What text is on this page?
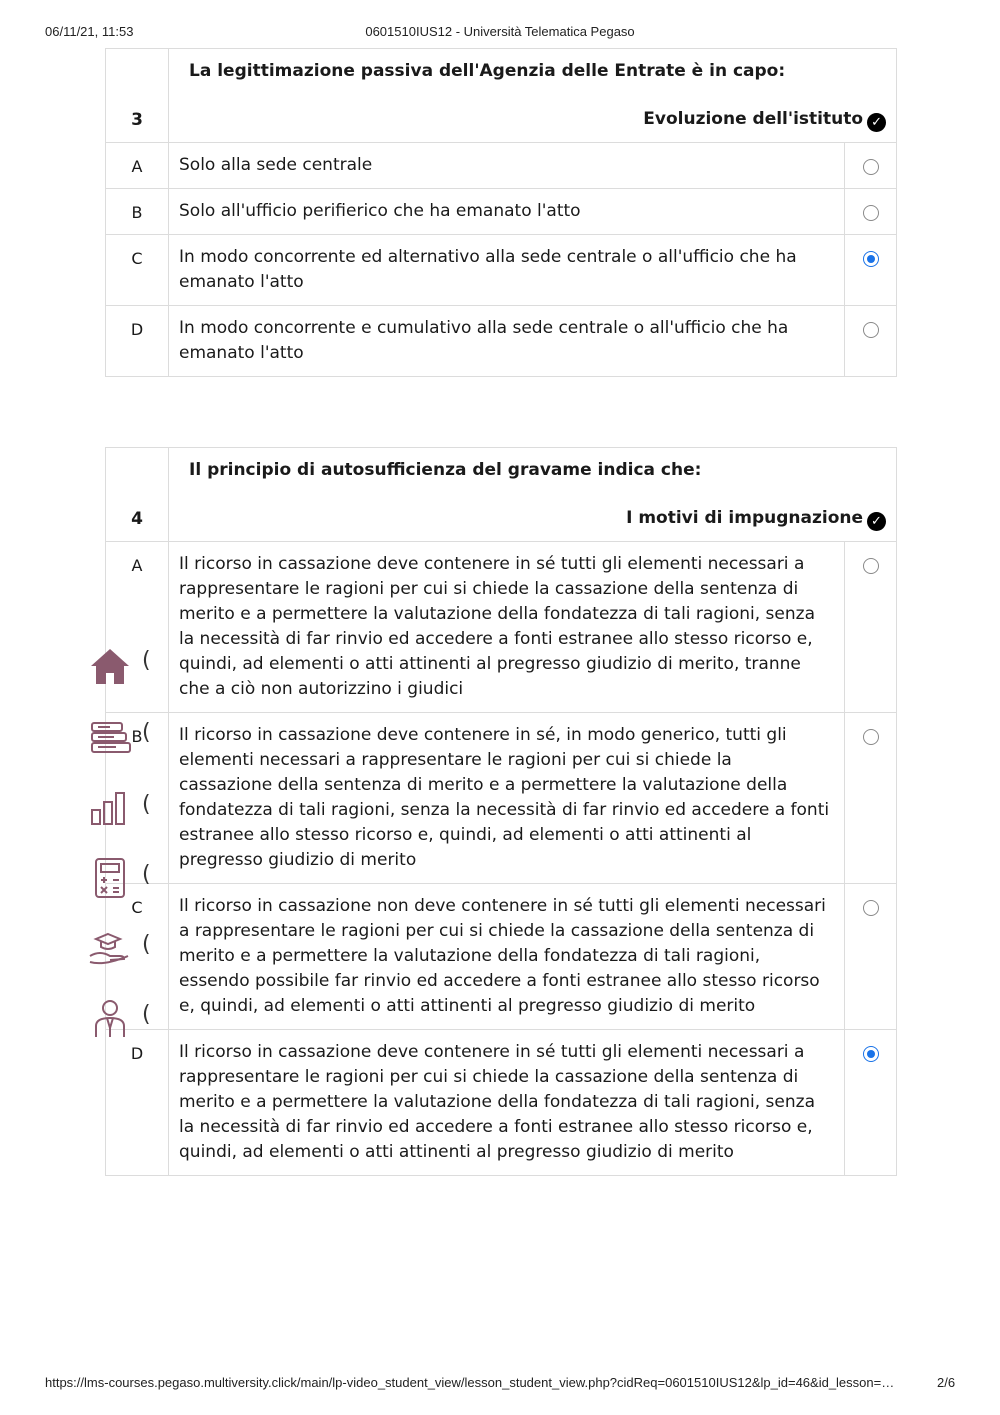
06/11/21, 11:53	0601510IUS12 - Università Telematica Pegaso
3	La legittimazione passiva dell'Agenzia delle Entrate è in capo:
Evoluzione dell'istituto ✓	

A	Solo alla sede centrale	
B	Solo all'ufficio perifierico che ha emanato l'atto	
C	In modo concorrente ed alternativo alla sede centrale o all'ufficio che ha emanato l'atto	
D	In modo concorrente e cumulativo alla sede centrale o all'ufficio che ha emanato l'atto	
4	Il principio di autosufficienza del gravame indica che:
I motivi di impugnazione ✓	

A	Il ricorso in cassazione deve contenere in sé tutti gli elementi necessari a rappresentare le ragioni per cui si chiede la cassazione della sentenza di merito e a permettere la valutazione della fondatezza di tali ragioni, senza la necessità di far rinvio ed accedere a fonti estranee allo stesso ricorso e, quindi, ad elementi o atti attinenti al pregresso giudizio di merito, tranne che a ciò non autorizzino i giudici	
B	Il ricorso in cassazione deve contenere in sé, in modo generico, tutti gli elementi necessari a rappresentare le ragioni per cui si chiede la cassazione della sentenza di merito e a permettere la valutazione della fondatezza di tali ragioni, senza la necessità di far rinvio ed accedere a fonti estranee allo stesso ricorso e, quindi, ad elementi o atti attinenti al pregresso giudizio di merito	
C	Il ricorso in cassazione non deve contenere in sé tutti gli elementi necessari a rappresentare le ragioni per cui si chiede la cassazione della sentenza di merito e a permettere la valutazione della fondatezza di tali ragioni, essendo possibile far rinvio ed accedere a fonti estranee allo stesso ricorso e, quindi, ad elementi o atti attinenti al pregresso giudizio di merito	
D	Il ricorso in cassazione deve contenere in sé tutti gli elementi necessari a rappresentare le ragioni per cui si chiede la cassazione della sentenza di merito e a permettere la valutazione della fondatezza di tali ragioni, senza la necessità di far rinvio ed accedere a fonti estranee allo stesso ricorso e, quindi, ad elementi o atti attinenti al pregresso giudizio di merito	
(
(
(
(
(
(
https://lms-courses.pegaso.multiversity.click/main/lp-video_student_view/lesson_student_view.php?cidReq=0601510IUS12&lp_id=46&id_lesson=…	2/6
